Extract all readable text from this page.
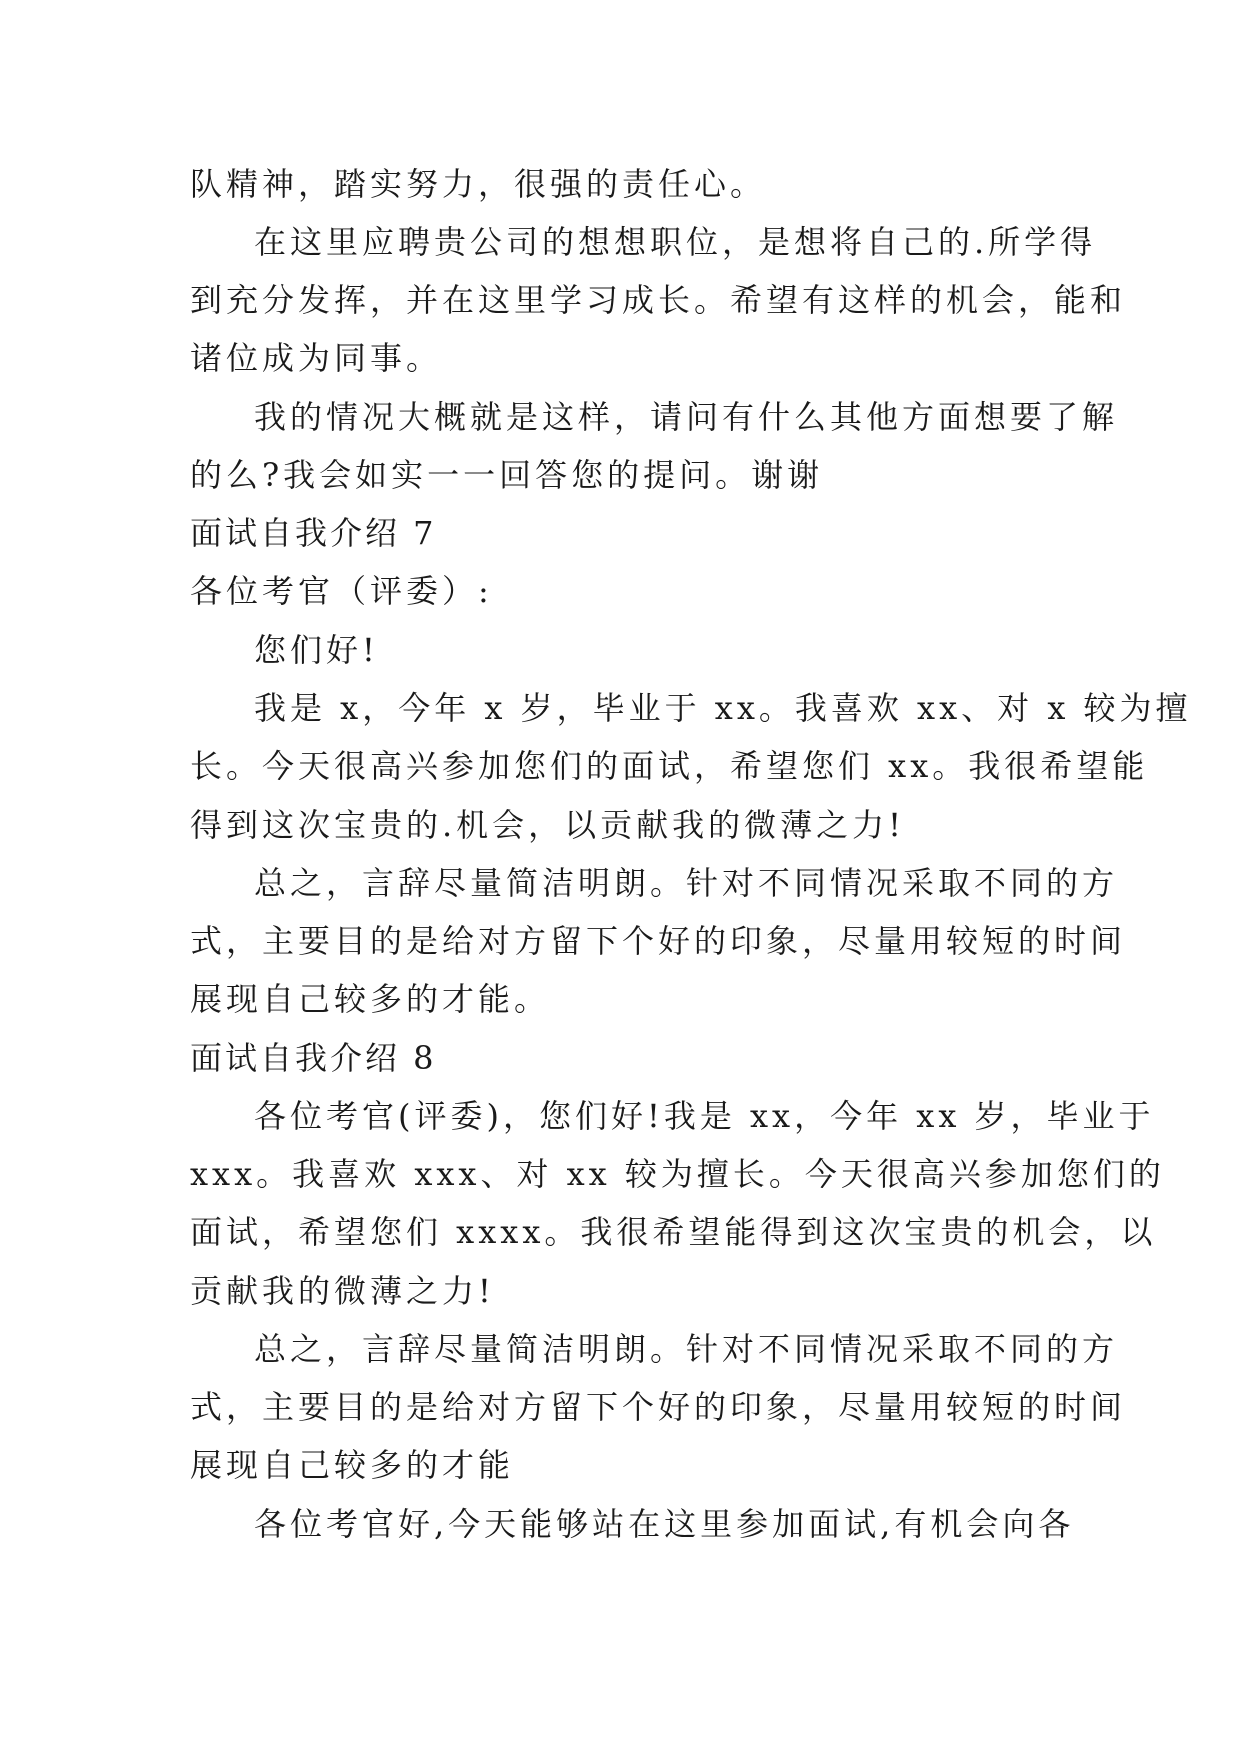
队精神，踏实努力，很强的责任心。
在这里应聘贵公司的想想职位，是想将自己的.所学得
到充分发挥，并在这里学习成长。希望有这样的机会，能和
诸位成为同事。
我的情况大概就是这样，请问有什么其他方面想要了解
的么?我会如实一一回答您的提问。谢谢
面试自我介绍 7
各位考官（评委）:
您们好!
我是 x，今年 x 岁，毕业于 xx。我喜欢 xx、对 x 较为擅
长。今天很高兴参加您们的面试，希望您们 xx。我很希望能
得到这次宝贵的.机会，以贡献我的微薄之力!
总之，言辞尽量简洁明朗。针对不同情况采取不同的方
式，主要目的是给对方留下个好的印象，尽量用较短的时间
展现自己较多的才能。
面试自我介绍 8
各位考官(评委)，您们好!我是 xx，今年 xx 岁，毕业于
xxx。我喜欢 xxx、对 xx 较为擅长。今天很高兴参加您们的
面试，希望您们 xxxx。我很希望能得到这次宝贵的机会，以
贡献我的微薄之力!
总之，言辞尽量简洁明朗。针对不同情况采取不同的方
式，主要目的是给对方留下个好的印象，尽量用较短的时间
展现自己较多的才能
各位考官好,今天能够站在这里参加面试,有机会向各
